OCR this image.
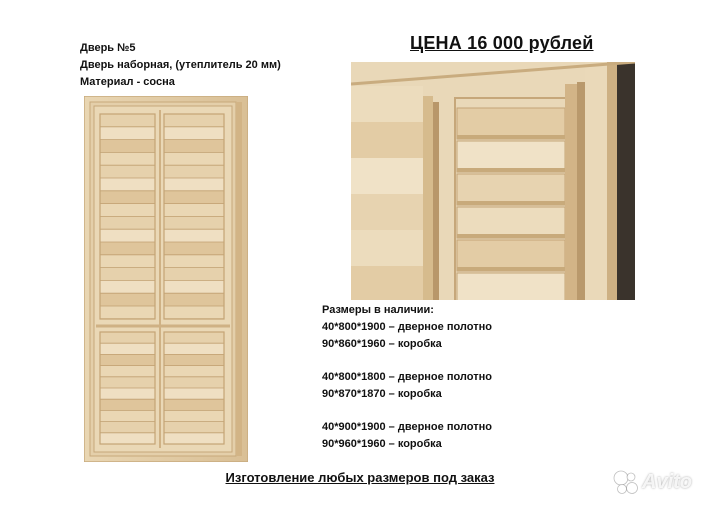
Дверь №5
Дверь наборная, (утеплитель 20 мм)
Материал - сосна
ЦЕНА 16 000 рублей
Размеры в наличии:
40*800*1900 – дверное полотно
90*860*1960 – коробка
40*800*1800 – дверное полотно
90*870*1870 – коробка
40*900*1900 – дверное полотно
90*960*1960 – коробка
Изготовление любых размеров под заказ	Avito
